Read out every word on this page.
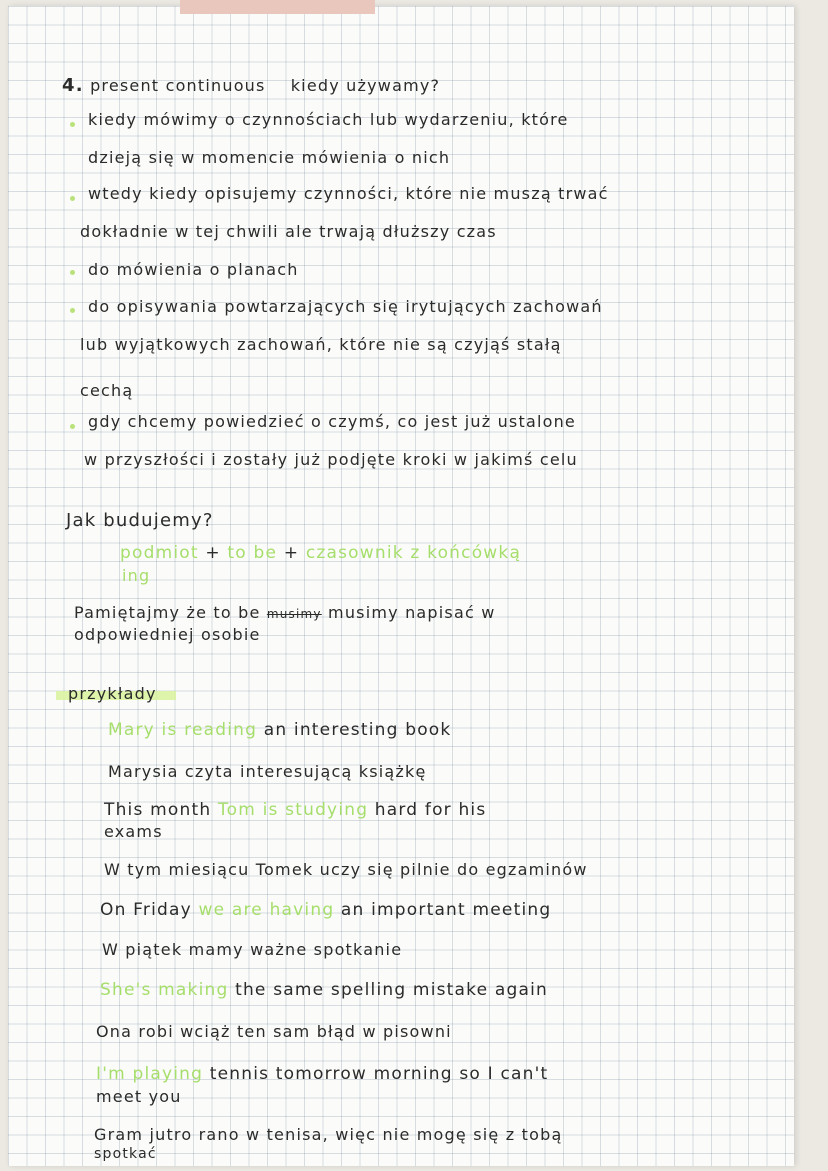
4. present continuous kiedy używamy?

kiedy mówimy o czynnościach lub wydarzeniu, które

dzieją się w momencie mówienia o nich

wtedy kiedy opisujemy czynności, które nie muszą trwać

dokładnie w tej chwili ale trwają dłuższy czas

do mówienia o planach

do opisywania powtarzających się irytujących zachowań

lub wyjątkowych zachowań, które nie są czyjąś stałą

cechą

gdy chcemy powiedzieć o czymś, co jest już ustalone

w przyszłości i zostały już podjęte kroki w jakimś celu

Jak budujemy?

podmiot + to be + czasownik z końcówką

ing

Pamiętajmy że to be musimy musimy napisać w

odpowiedniej osobie

przykłady

Mary is reading an interesting book

Marysia czyta interesującą książkę

This month Tom is studying hard for his

exams

W tym miesiącu Tomek uczy się pilnie do egzaminów

On Friday we are having an important meeting

W piątek mamy ważne spotkanie

She's making the same spelling mistake again

Ona robi wciąż ten sam błąd w pisowni

I'm playing tennis tomorrow morning so I can't

meet you

Gram jutro rano w tenisa, więc nie mogę się z tobą

spotkać
